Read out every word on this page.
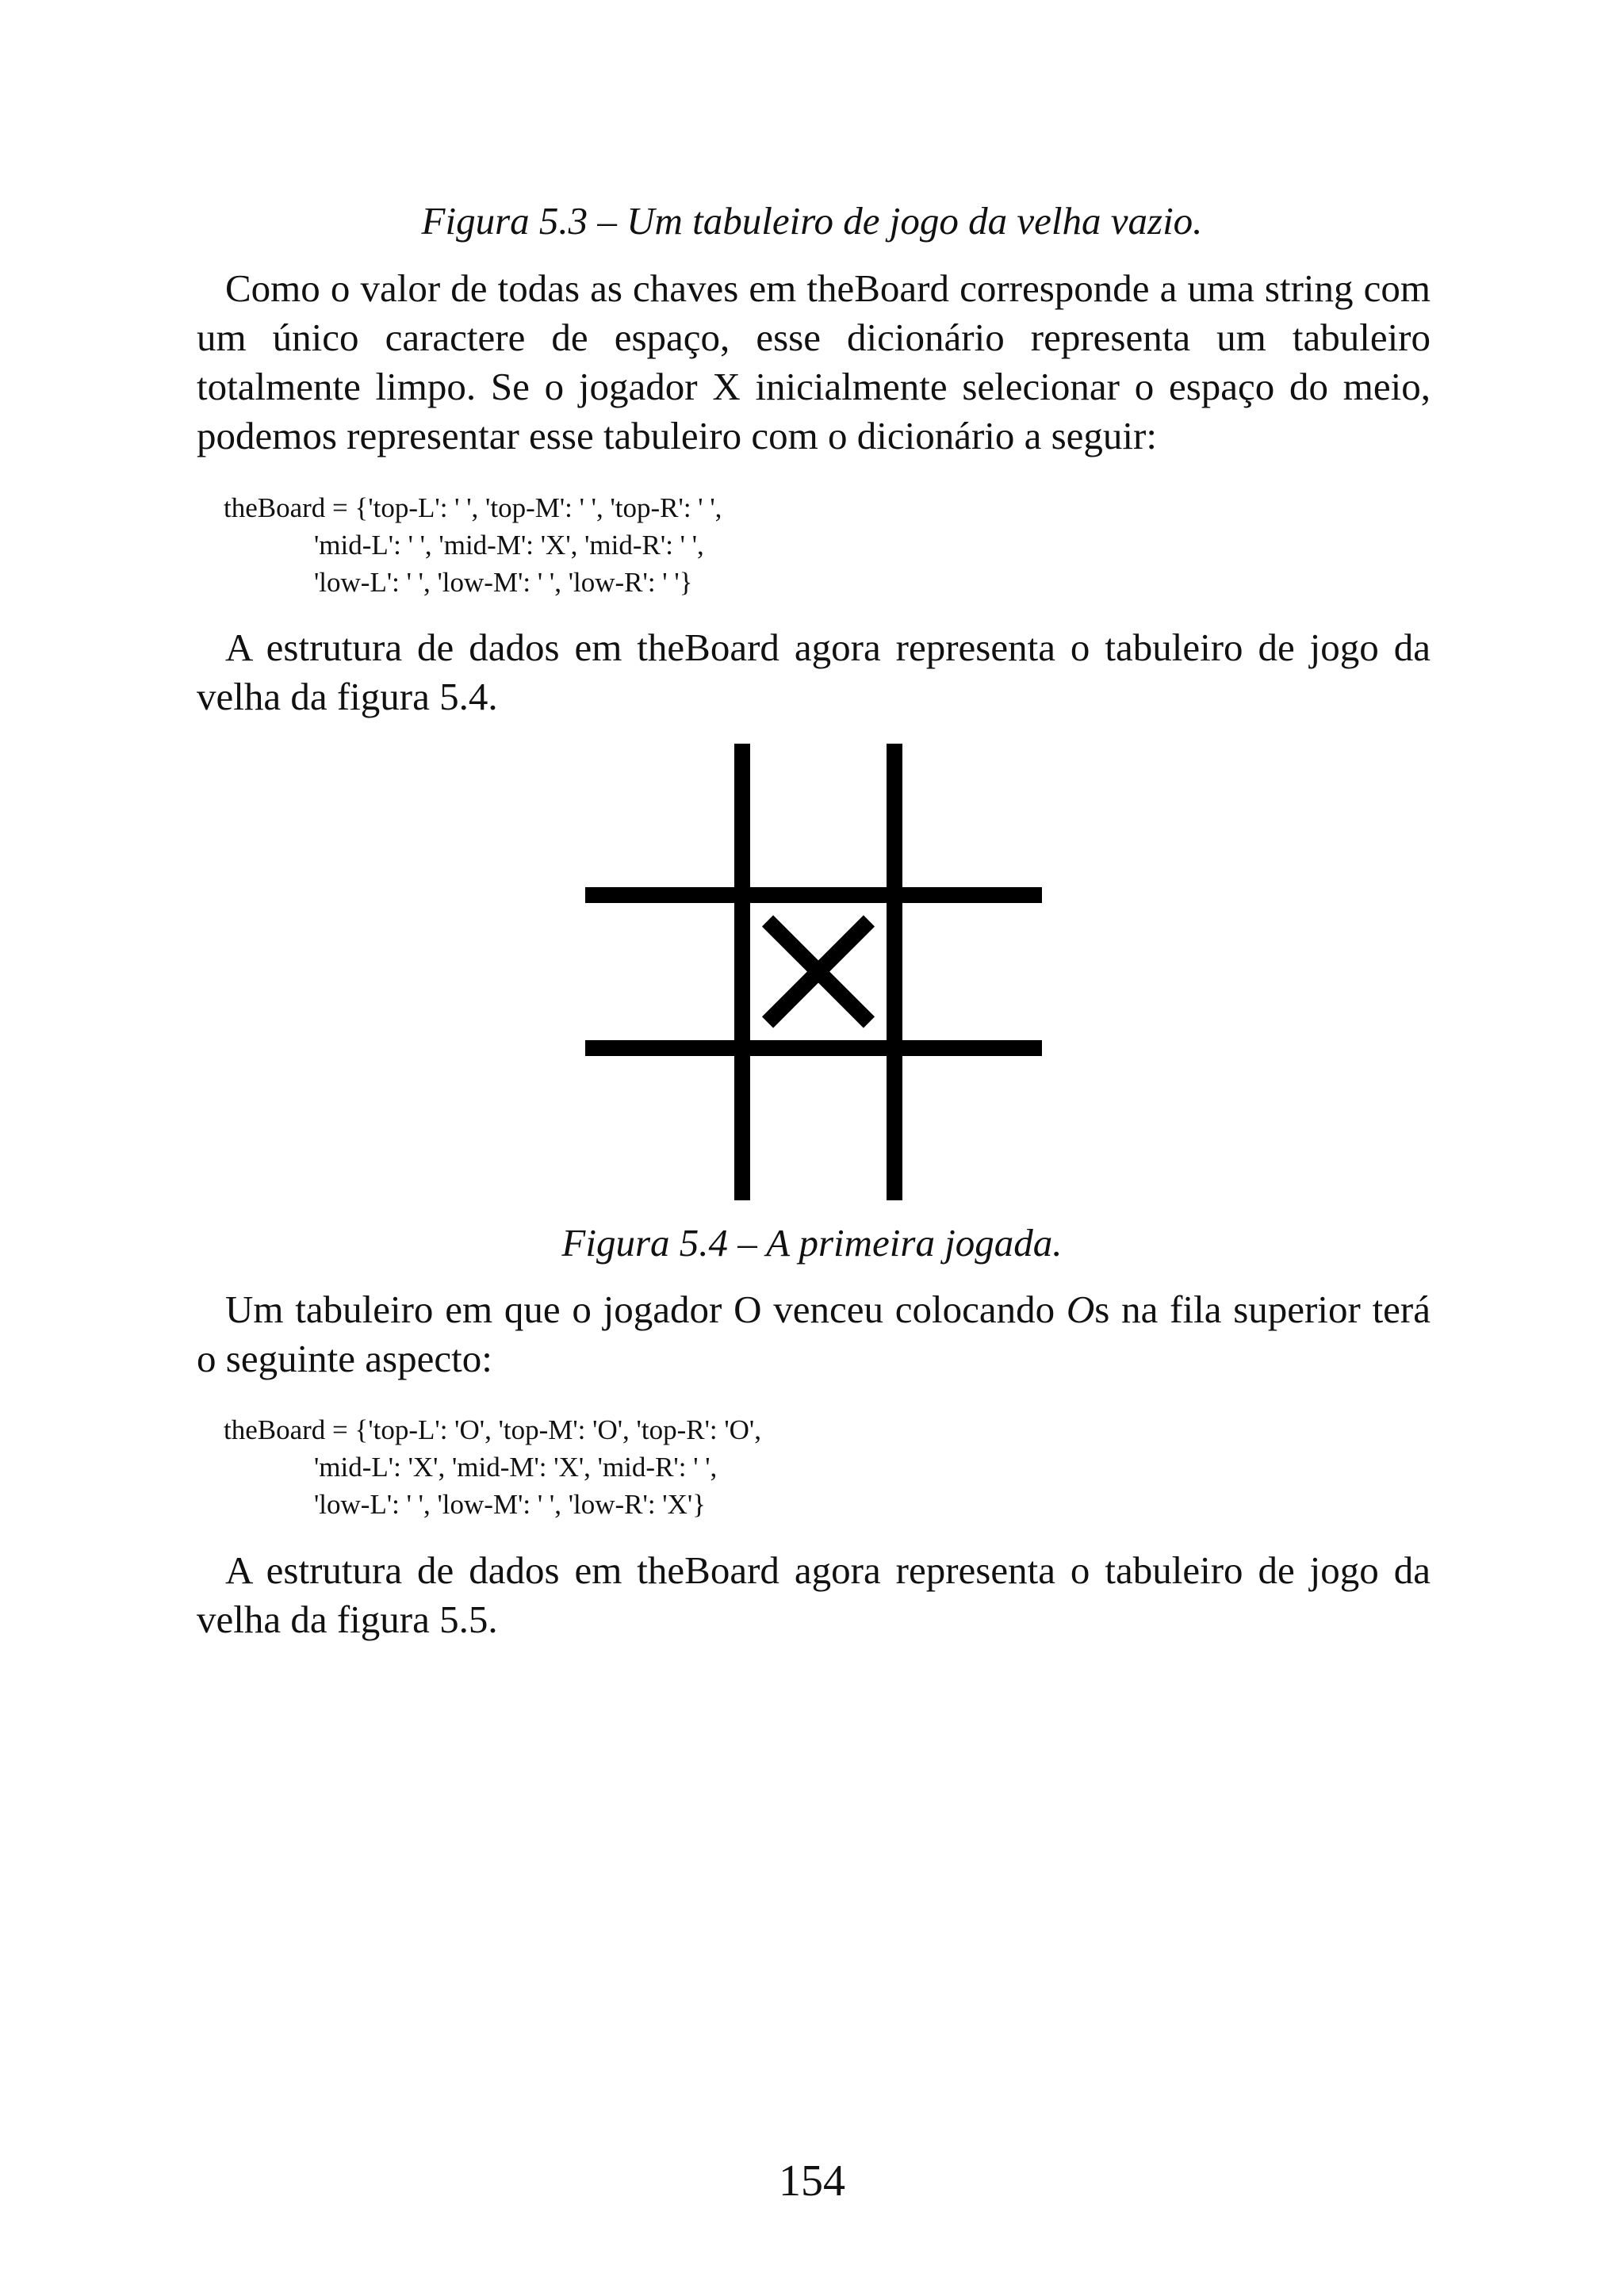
Figura 5.3 – Um tabuleiro de jogo da velha vazio.

Como o valor de todas as chaves em theBoard corresponde a uma string com um único caractere de espaço, esse dicionário representa um tabuleiro totalmente limpo. Se o jogador X inicialmente selecionar o espaço do meio, podemos representar esse tabuleiro com o dicionário a seguir:

theBoard = {'top-L': ' ', 'top-M': ' ', 'top-R': ' ',
'mid-L': ' ', 'mid-M': 'X', 'mid-R': ' ',
'low-L': ' ', 'low-M': ' ', 'low-R': ' '}

A estrutura de dados em theBoard agora representa o tabuleiro de jogo da velha da figura 5.4.

Figura 5.4 – A primeira jogada.

Um tabuleiro em que o jogador O venceu colocando Os na fila superior terá o seguinte aspecto:

theBoard = {'top-L': 'O', 'top-M': 'O', 'top-R': 'O',
'mid-L': 'X', 'mid-M': 'X', 'mid-R': ' ',
'low-L': ' ', 'low-M': ' ', 'low-R': 'X'}

A estrutura de dados em theBoard agora representa o tabuleiro de jogo da velha da figura 5.5.

154
